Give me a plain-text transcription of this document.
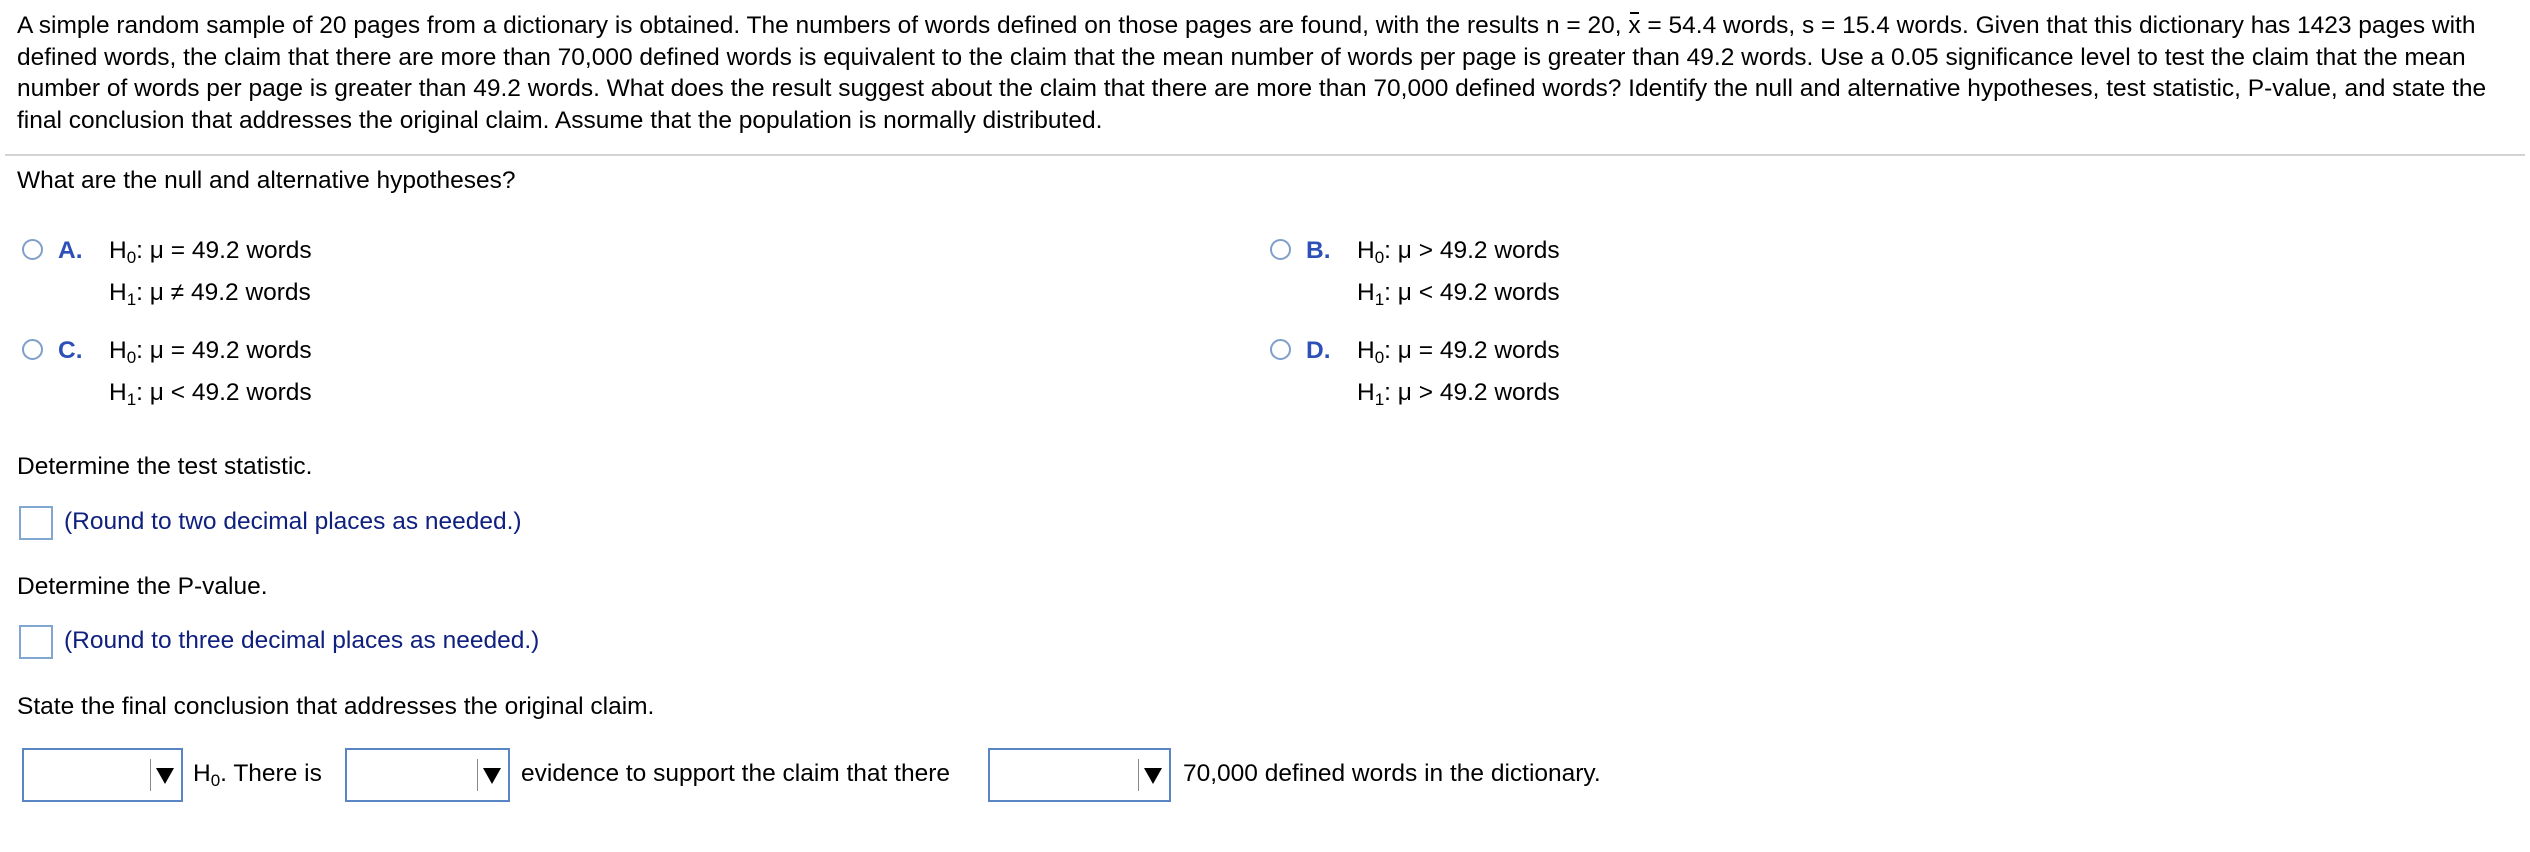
A simple random sample of 20 pages from a dictionary is obtained. The numbers of words defined on those pages are found, with the results n = 20, x = 54.4 words, s = 15.4 words. Given that this dictionary has 1423 pages with defined words, the claim that there are more than 70,000 defined words is equivalent to the claim that the mean number of words per page is greater than 49.2 words. Use a 0.05 significance level to test the claim that the mean number of words per page is greater than 49.2 words. What does the result suggest about the claim that there are more than 70,000 defined words? Identify the null and alternative hypotheses, test statistic, P-value, and state the final conclusion that addresses the original claim. Assume that the population is normally distributed.

What are the null and alternative hypotheses?

A. $H_0$: μ = 49.2 words
$H_1$: μ ≠ 49.2 words
B. $H_0$: μ > 49.2 words
$H_1$: μ < 49.2 words
C. $H_0$: μ = 49.2 words
$H_1$: μ < 49.2 words
D. $H_0$: μ = 49.2 words
$H_1$: μ > 49.2 words

Determine the test statistic.

(Round to two decimal places as needed.)

Determine the P-value.

(Round to three decimal places as needed.)

State the final conclusion that addresses the original claim.

$H_0$. There is	evidence to support the claim that there	70,000 defined words in the dictionary.
